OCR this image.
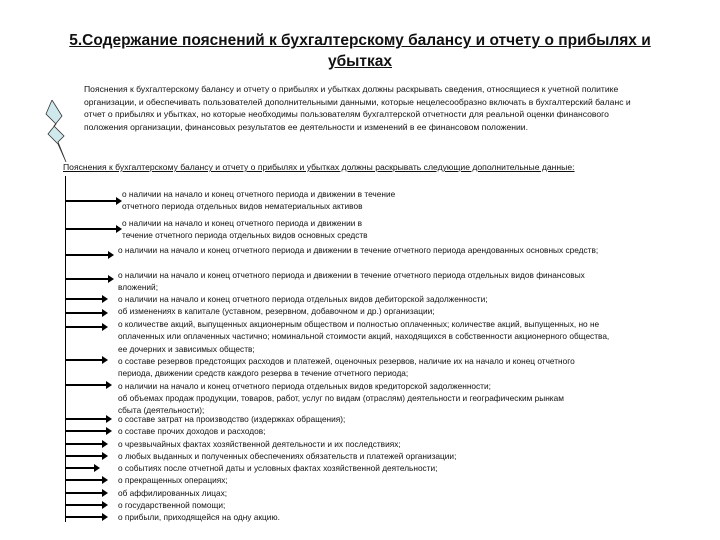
5.Содержание пояснений к бухгалтерскому балансу и отчету о прибылях и убытках
Пояснения к бухгалтерскому балансу и отчету о прибылях и убытках должны раскрывать сведения, относящиеся к учетной политике организации, и обеспечивать пользователей дополнительными данными, которые нецелесообразно включать в бухгалтерский баланс и отчет о прибылях и убытках, но которые необходимы пользователям бухгалтерской отчетности для реальной оценки финансового положения организации, финансовых результатов ее деятельности и изменений в ее финансовом положении.
Пояснения к бухгалтерскому балансу и отчету о прибылях и убытках должны раскрывать следующие дополнительные данные:
о наличии на начало и конец отчетного периода и движении в течение отчетного периода отдельных видов нематериальных активов
о наличии на начало и конец отчетного периода и движении в течение отчетного периода отдельных видов основных средств
о наличии на начало и конец отчетного периода и движении в течение отчетного периода арендованных основных средств;
о наличии на начало и конец отчетного периода и движении в течение отчетного периода отдельных видов финансовых вложений;
о наличии на начало и конец отчетного периода отдельных видов дебиторской задолженности;
об изменениях в капитале (уставном, резервном, добавочном и др.) организации;
о количестве акций, выпущенных акционерным обществом и полностью оплаченных; количестве акций, выпущенных, но не оплаченных или оплаченных частично; номинальной стоимости акций, находящихся в собственности акционерного общества, ее дочерних и зависимых обществ;
о составе резервов предстоящих расходов и платежей, оценочных резервов, наличие их на начало и конец отчетного периода, движении средств каждого резерва в течение отчетного периода;
о наличии на начало и конец отчетного периода отдельных видов кредиторской задолженности;
об объемах продаж продукции, товаров, работ, услуг по видам (отраслям) деятельности и географическим рынкам сбыта (деятельности);
о составе затрат на производство (издержках обращения);
о составе прочих доходов и расходов;
о чрезвычайных фактах хозяйственной деятельности и их последствиях;
о любых выданных и полученных обеспечениях обязательств и платежей организации;
о событиях после отчетной даты и условных фактах хозяйственной деятельности;
о прекращенных операциях;
об аффилированных лицах;
о государственной помощи;
о прибыли, приходящейся на одну акцию.
